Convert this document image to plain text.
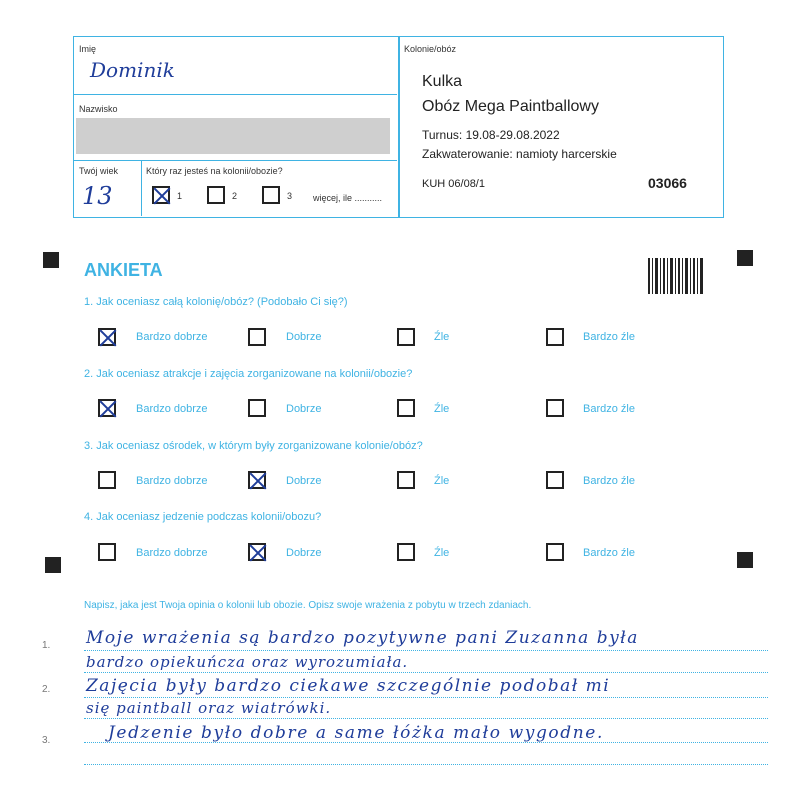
Imię
Dominik
Nazwisko
Twój wiek
13
Który raz jesteś na kolonii/obozie?
1	2	3 więcej, ile ...........
Kolonie/obóz
Kulka
Obóz Mega Paintballowy
Turnus: 19.08-29.08.2022
Zakwaterowanie: namioty harcerskie
KUH 06/08/1	03066
ANKIETA
1. Jak oceniasz całą kolonię/obóz? (Podobało Ci się?)
Bardzo dobrze	Dobrze	Źle	Bardzo źle
2. Jak oceniasz atrakcje i zajęcia zorganizowane na kolonii/obozie?
Bardzo dobrze	Dobrze	Źle	Bardzo źle
3. Jak oceniasz ośrodek, w którym były zorganizowane kolonie/obóz?
Bardzo dobrze	Dobrze	Źle	Bardzo źle
4. Jak oceniasz jedzenie podczas kolonii/obozu?
Bardzo dobrze	Dobrze	Źle	Bardzo źle
Napisz, jaka jest Twoja opinia o kolonii lub obozie. Opisz swoje wrażenia z pobytu w trzech zdaniach.
1.
2.
3.
Moje wrażenia są bardzo pozytywne pani Zuzanna była
bardzo opiekuńcza oraz wyrozumiała.
Zajęcia były bardzo ciekawe szczególnie podobał mi
się paintball oraz wiatrówki.
Jedzenie było dobre a same łóżka mało wygodne.
